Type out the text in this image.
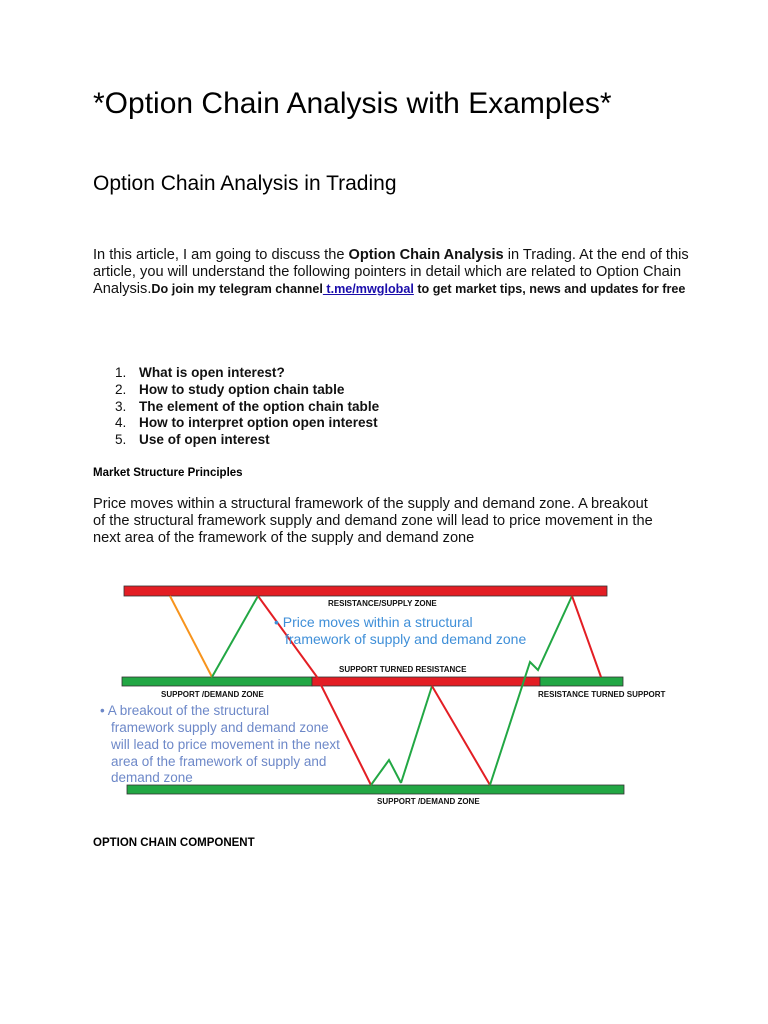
*Option Chain Analysis with Examples*
Option Chain Analysis in Trading

In this article, I am going to discuss the Option Chain Analysis in Trading. At the end of this article, you will understand the following pointers in detail which are related to Option Chain Analysis.Do join my telegram channel t.me/mwglobal to get market tips, news and updates for free

1. What is open interest?
2. How to study option chain table
3. The element of the option chain table
4. How to interpret option open interest
5. Use of open interest
Market Structure Principles

Price moves within a structural framework of the supply and demand zone. A breakout of the structural framework supply and demand zone will lead to price movement in the next area of the framework of the supply and demand zone

RESISTANCE/SUPPLY ZONE
SUPPORT TURNED RESISTANCE
SUPPORT /DEMAND ZONE	RESISTANCE TURNED SUPPORT
SUPPORT /DEMAND ZONE
• Price moves within a structural
framework of supply and demand zone
• A breakout of the structural
framework supply and demand zone
will lead to price movement in the next
area of the framework of supply and
demand zone
OPTION CHAIN COMPONENT
